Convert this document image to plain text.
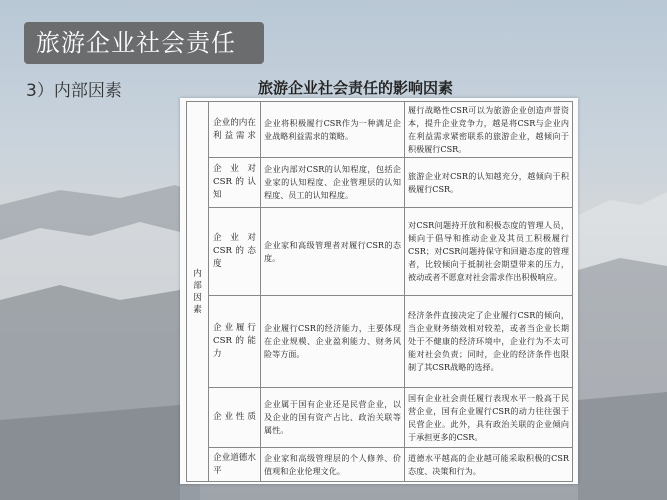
旅游企业社会责任
3）内部因素	旅游企业社会责任的影响因素
内部因素	企业的内在利益需求	企业将积极履行CSR作为一种满足企业战略利益需求的策略。	履行战略性CSR可以为旅游企业创造声誉资本，提升企业竞争力，越是将CSR与企业内在利益需求紧密联系的旅游企业，越倾向于积极履行CSR。
	企业对CSR的认知	企业内部对CSR的认知程度，包括企业家的认知程度、企业管理层的认知程度、员工的认知程度。	旅游企业对CSR的认知越充分，越倾向于积极履行CSR。
	企业对CSR的态度	企业家和高级管理者对履行CSR的态度。	对CSR问题持开放和积极态度的管理人员，倾向于倡导和推动企业及其员工积极履行CSR；对CSR问题持保守和回避态度的管理者，比较倾向于抵制社会期望带来的压力，被动或者不愿意对社会需求作出积极响应。
	企业履行CSR的能力	企业履行CSR的经济能力，主要体现在企业规模、企业盈利能力、财务风险等方面。	经济条件直接决定了企业履行CSR的倾向，当企业财务绩效相对较差，或者当企业长期处于不健康的经济环境中，企业行为不太可能对社会负责；同时，企业的经济条件也限制了其CSR战略的选择。
	企业性质	企业属于国有企业还是民营企业，以及企业的国有资产占比、政治关联等属性。	国有企业社会责任履行表现水平一般高于民营企业，国有企业履行CSR的动力往往强于民营企业。此外，具有政治关联的企业倾向于承担更多的CSR。
	企业道德水平	企业家和高级管理层的个人修养、价值观和企业伦理文化。	道德水平越高的企业越可能采取积极的CSR态度、决策和行为。
